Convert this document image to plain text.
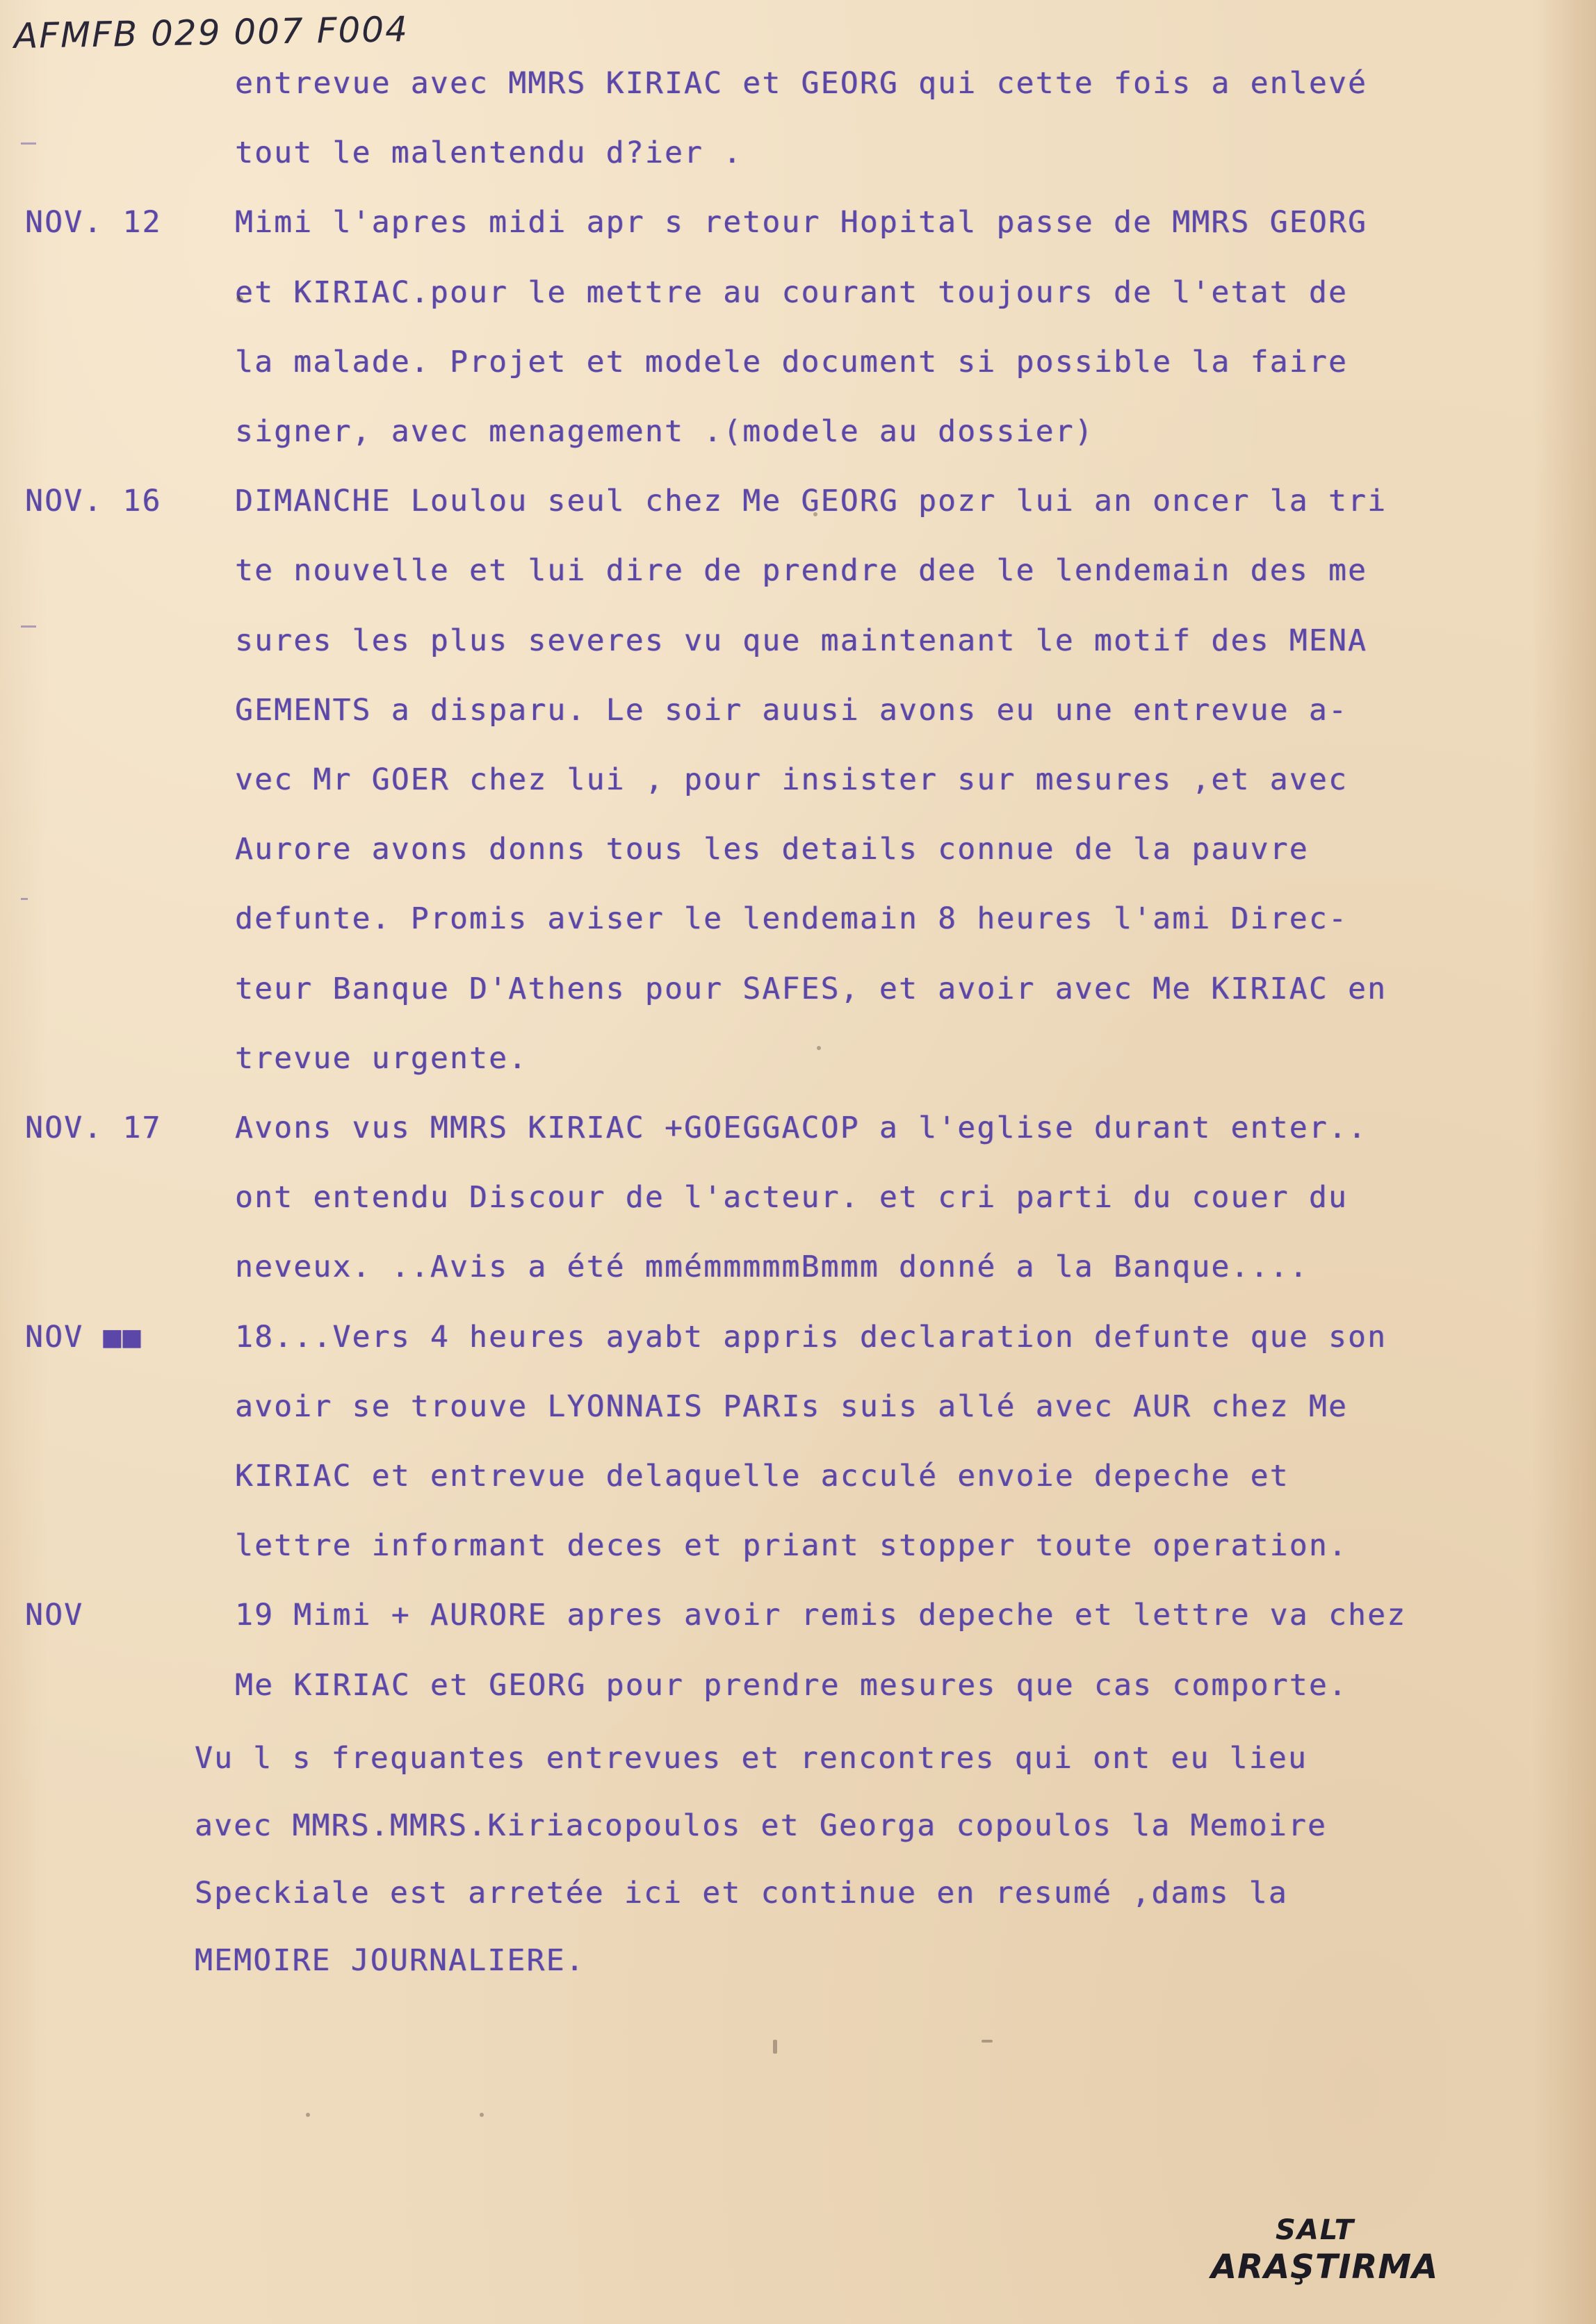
AFMFB 029 007 F004
entrevue avec MMRS KIRIAC et GEORG qui cette fois a enlevé
tout le malentendu d?ier .
NOV. 12 Mimi l'apres midi apr s retour Hopital passe de MMRS GEORG
et KIRIAC.pour le mettre au courant toujours de l'etat de
la malade. Projet et modele document si possible la faire
signer, avec menagement .(modele au dossier)
NOV. 16 DIMANCHE Loulou seul chez Me GEORG pozr lui an oncer la tri
te nouvelle et lui dire de prendre dee le lendemain des me
sures les plus severes vu que maintenant le motif des MENA
GEMENTS a disparu. Le soir auusi avons eu une entrevue a-
vec Mr GOER chez lui , pour insister sur mesures ,et avec
Aurore avons donns tous les details connue de la pauvre
defunte. Promis aviser le lendemain 8 heures l'ami Direc-
teur Banque D'Athens pour SAFES, et avoir avec Me KIRIAC en
trevue urgente.
NOV. 17 Avons vus MMRS KIRIAC +GOEGGACOP a l'eglise durant enter..
ont entendu Discour de l'acteur. et cri parti du couer du
neveux. ..Avis a été mmémmmmmBmmm donné a la Banque....
NOV ■■	18...Vers 4 heures ayabt appris declaration defunte que son
avoir se trouve LYONNAIS PARIs suis allé avec AUR chez Me
KIRIAC et entrevue delaquelle acculé envoie depeche et
lettre informant deces et priant stopper toute operation.
NOV	19 Mimi + AURORE apres avoir remis depeche et lettre va chez
Me KIRIAC et GEORG pour prendre mesures que cas comporte.
Vu l s frequantes entrevues et rencontres qui ont eu lieu
avec MMRS.MMRS.Kiriacopoulos et Georga copoulos la Memoire
Speckiale est arretée ici et continue en resumé ,dams la
MEMOIRE JOURNALIERE.
SALT
ARAŞTIRMA
